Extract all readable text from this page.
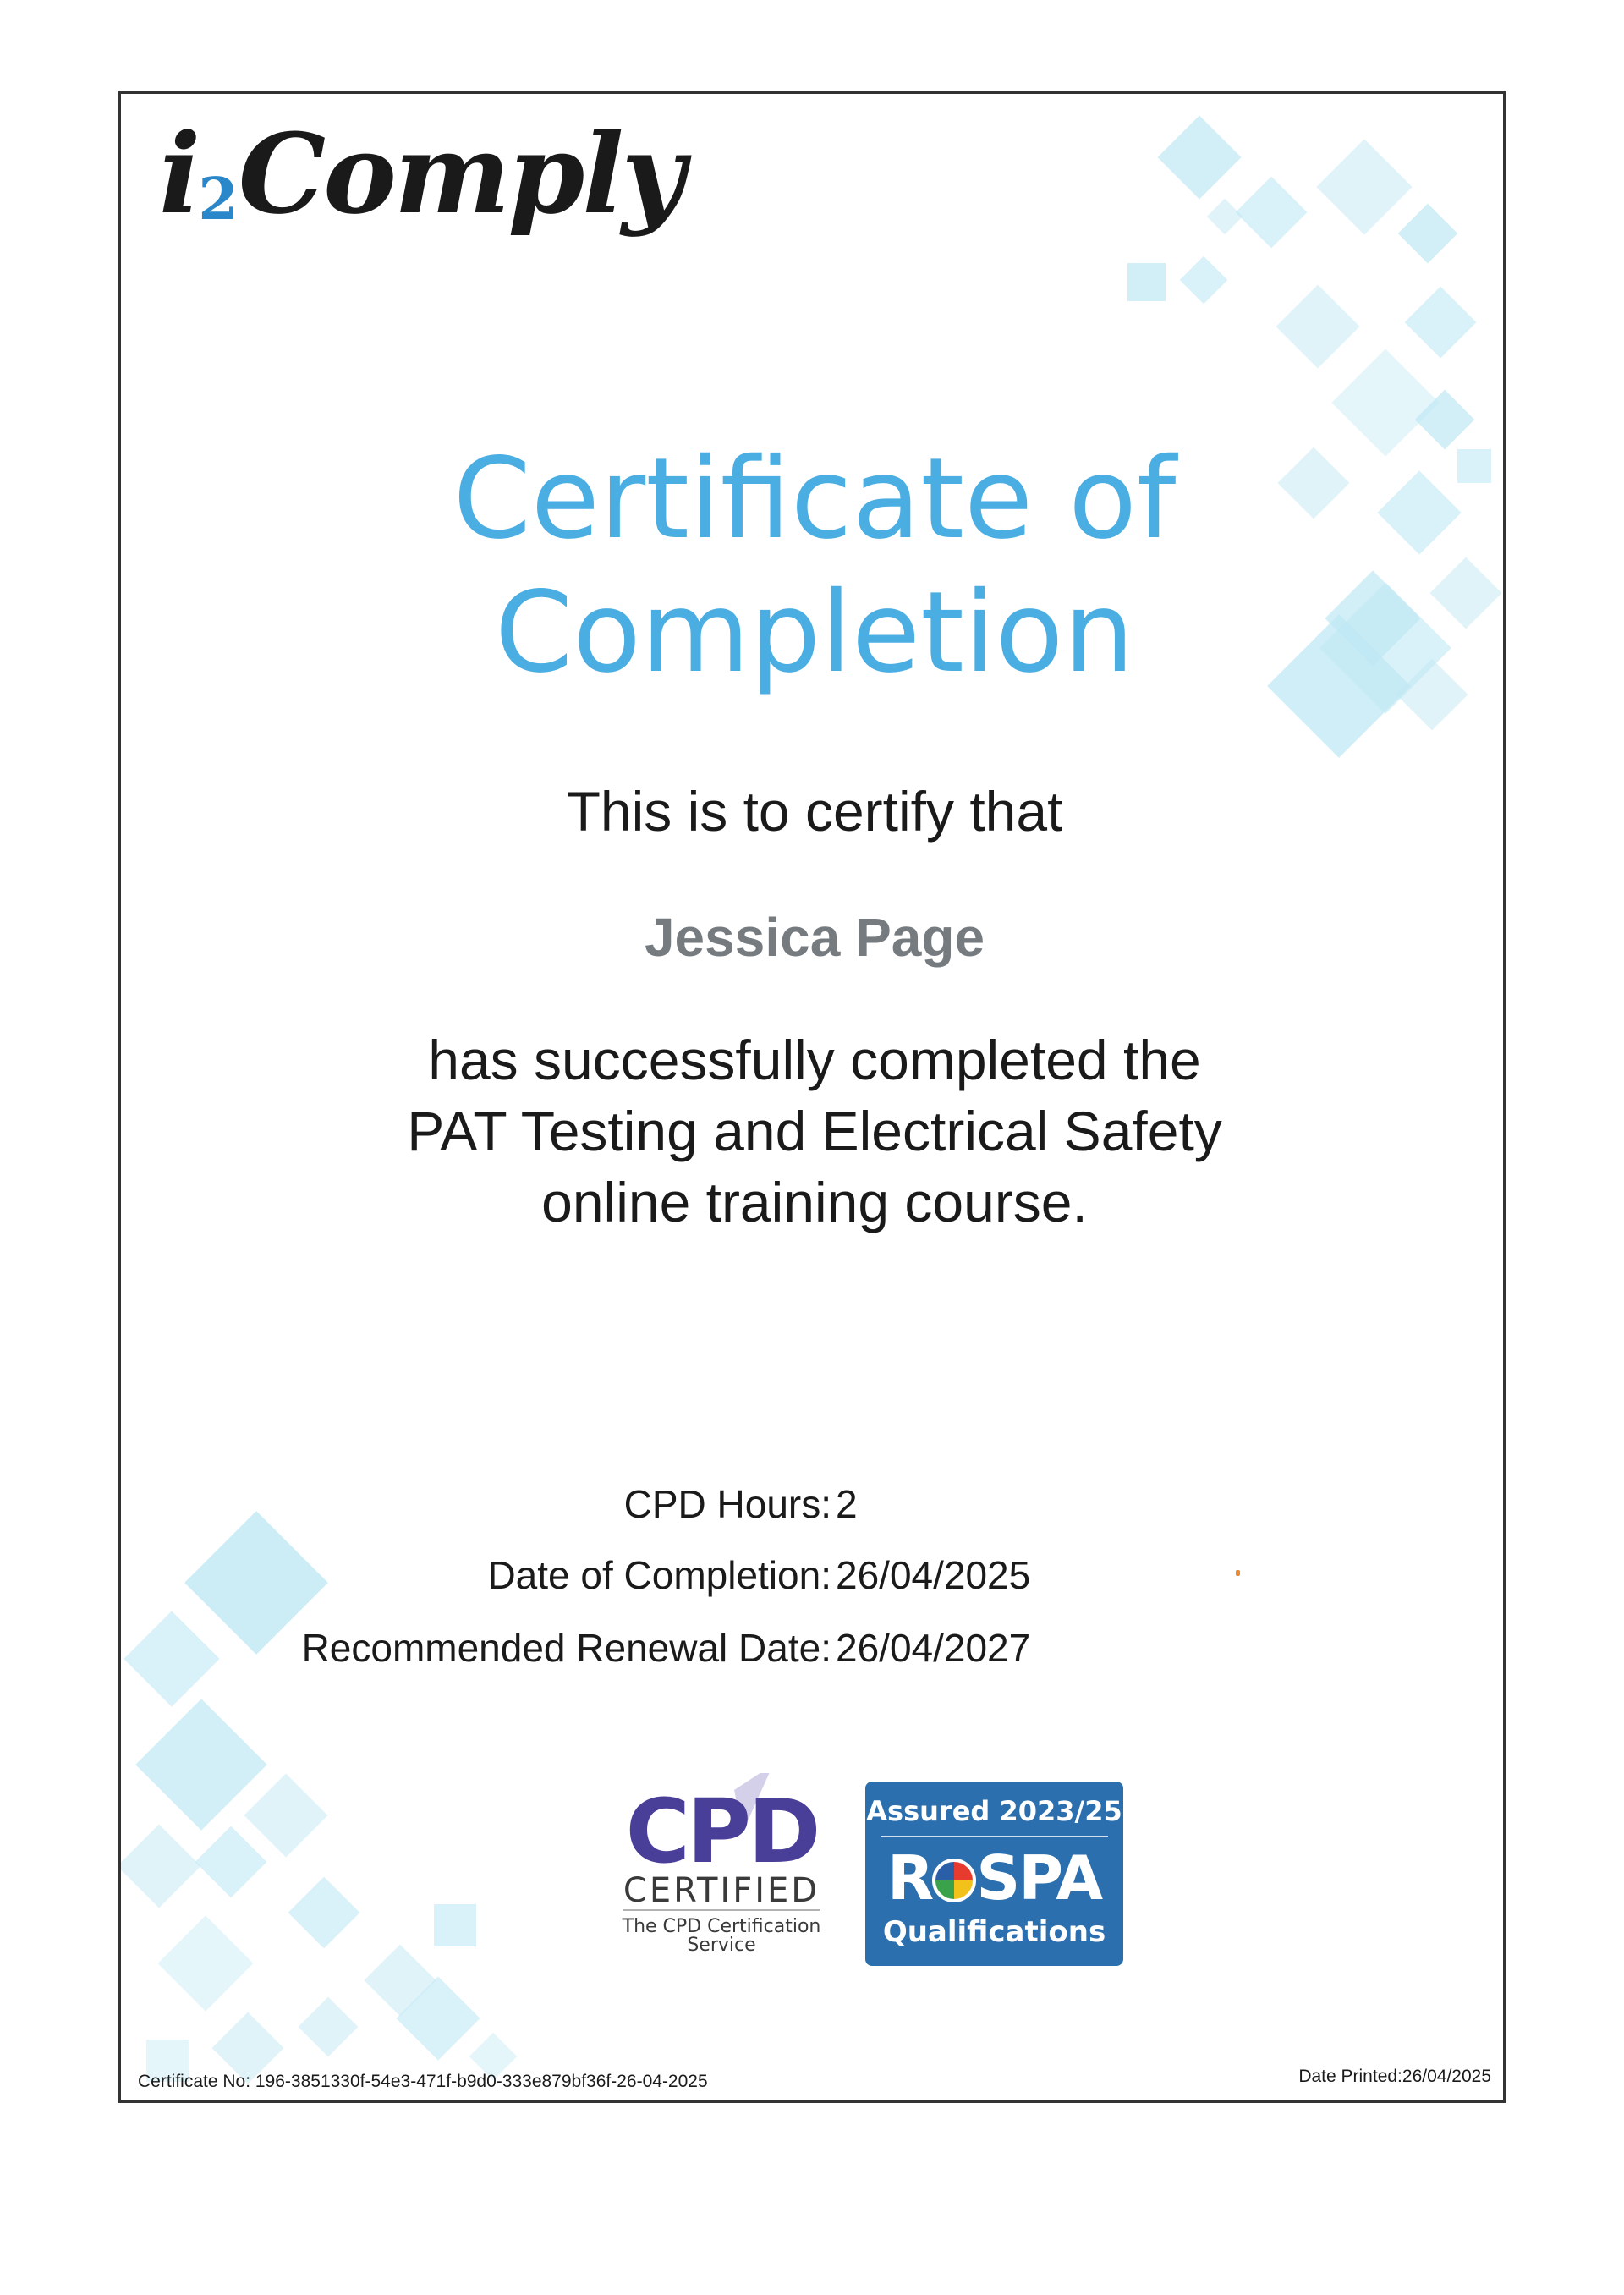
i2Comply
Certificate of Completion
This is to certify that
Jessica Page
has successfully completed the
PAT Testing and Electrical Safety
online training course.
CPD Hours: 2
Date of Completion: 26/04/2025
Recommended Renewal Date: 26/04/2027
CPD
CERTIFIED
The CPD Certification
Service
Assured 2023/25
R SPA
Qualifications
Certificate No: 196-3851330f-54e3-471f-b9d0-333e879bf36f-26-04-2025	Date Printed:26/04/2025
